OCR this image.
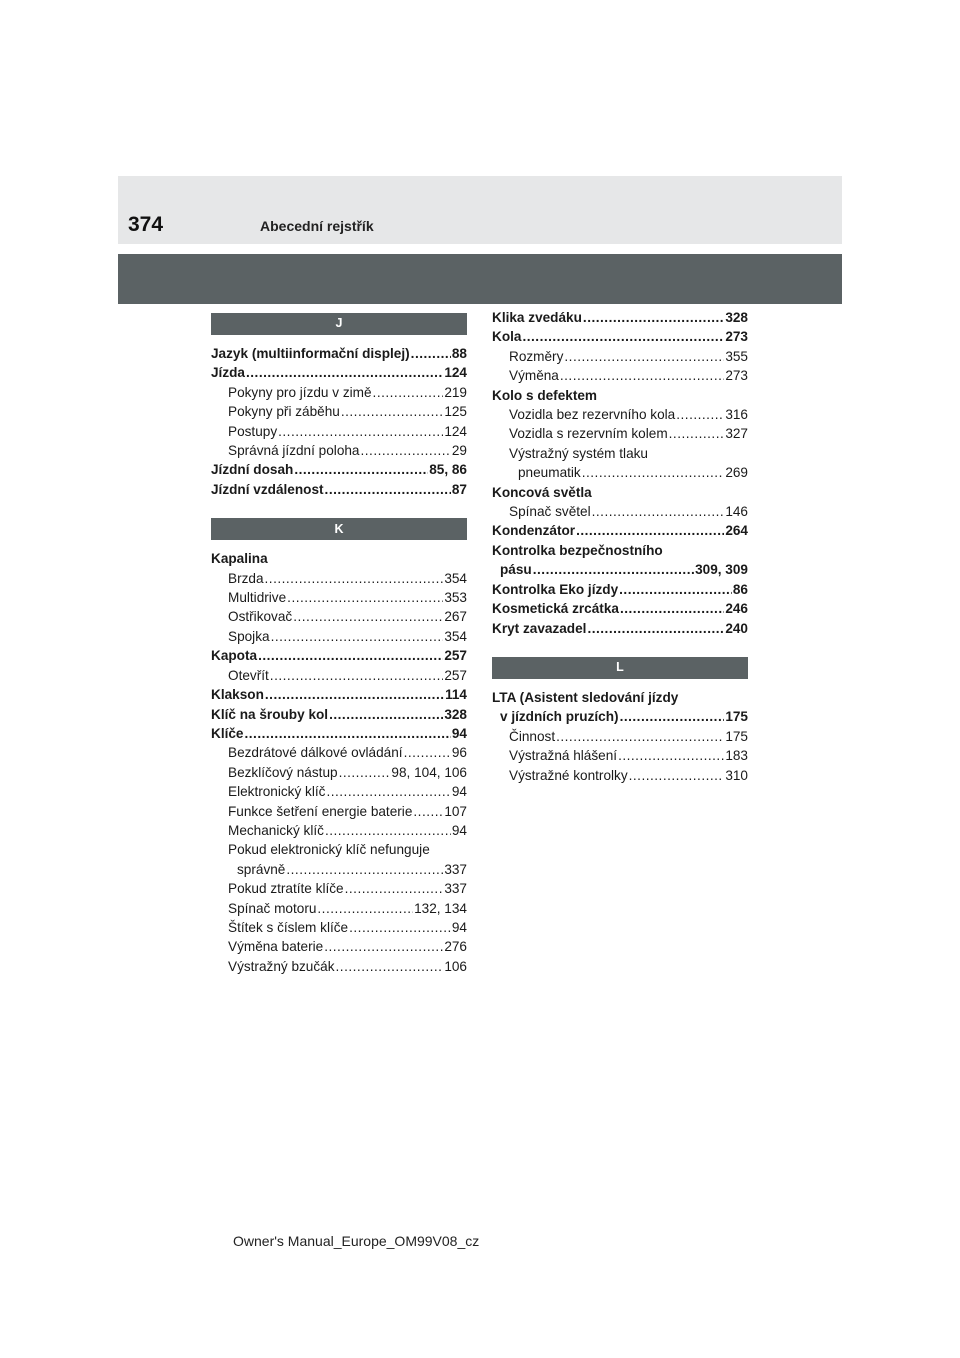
374	Abecední rejstřík
J
Jazyk (multiinformační displej) .....	88
Jízda .....	124
Pokyny pro jízdu v zimě .....	219
Pokyny při záběhu .....	125
Postupy .....	124
Správná jízdní poloha .....	29
Jízdní dosah .....	85, 86
Jízdní vzdálenost .....	87
K
Kapalina
Brzda .....	354
Multidrive .....	353
Ostřikovač .....	267
Spojka .....	354
Kapota .....	257
Otevřít .....	257
Klakson .....	114
Klíč na šrouby kol .....	328
Klíče .....	94
Bezdrátové dálkové ovládání .....	96
Bezklíčový nástup .....	98, 104, 106
Elektronický klíč .....	94
Funkce šetření energie baterie ..... 107
Mechanický klíč .....	94
Pokud elektronický klíč nefunguje
správně .....	337
Pokud ztratíte klíče .....	337
Spínač motoru .....	132, 134
Štítek s číslem klíče .....	94
Výměna baterie .....	276
Výstražný bzučák .....	106
Klika zvedáku .....	328
Kola .....	273
Rozměry .....	355
Výměna .....	273
Kolo s defektem
Vozidla bez rezervního kola .....	316
Vozidla s rezervním kolem .....	327
Výstražný systém tlaku
pneumatik .....	269
Koncová světla
Spínač světel .....	146
Kondenzátor .....	264
Kontrolka bezpečnostního
pásu .....	309, 309
Kontrolka Eko jízdy .....	86
Kosmetická zrcátka .....	246
Kryt zavazadel .....	240
L
LTA (Asistent sledování jízdy
v jízdních pruzích) .....	175
Činnost .....	175
Výstražná hlášení .....	183
Výstražné kontrolky .....	310
Owner's Manual_Europe_OM99V08_cz
